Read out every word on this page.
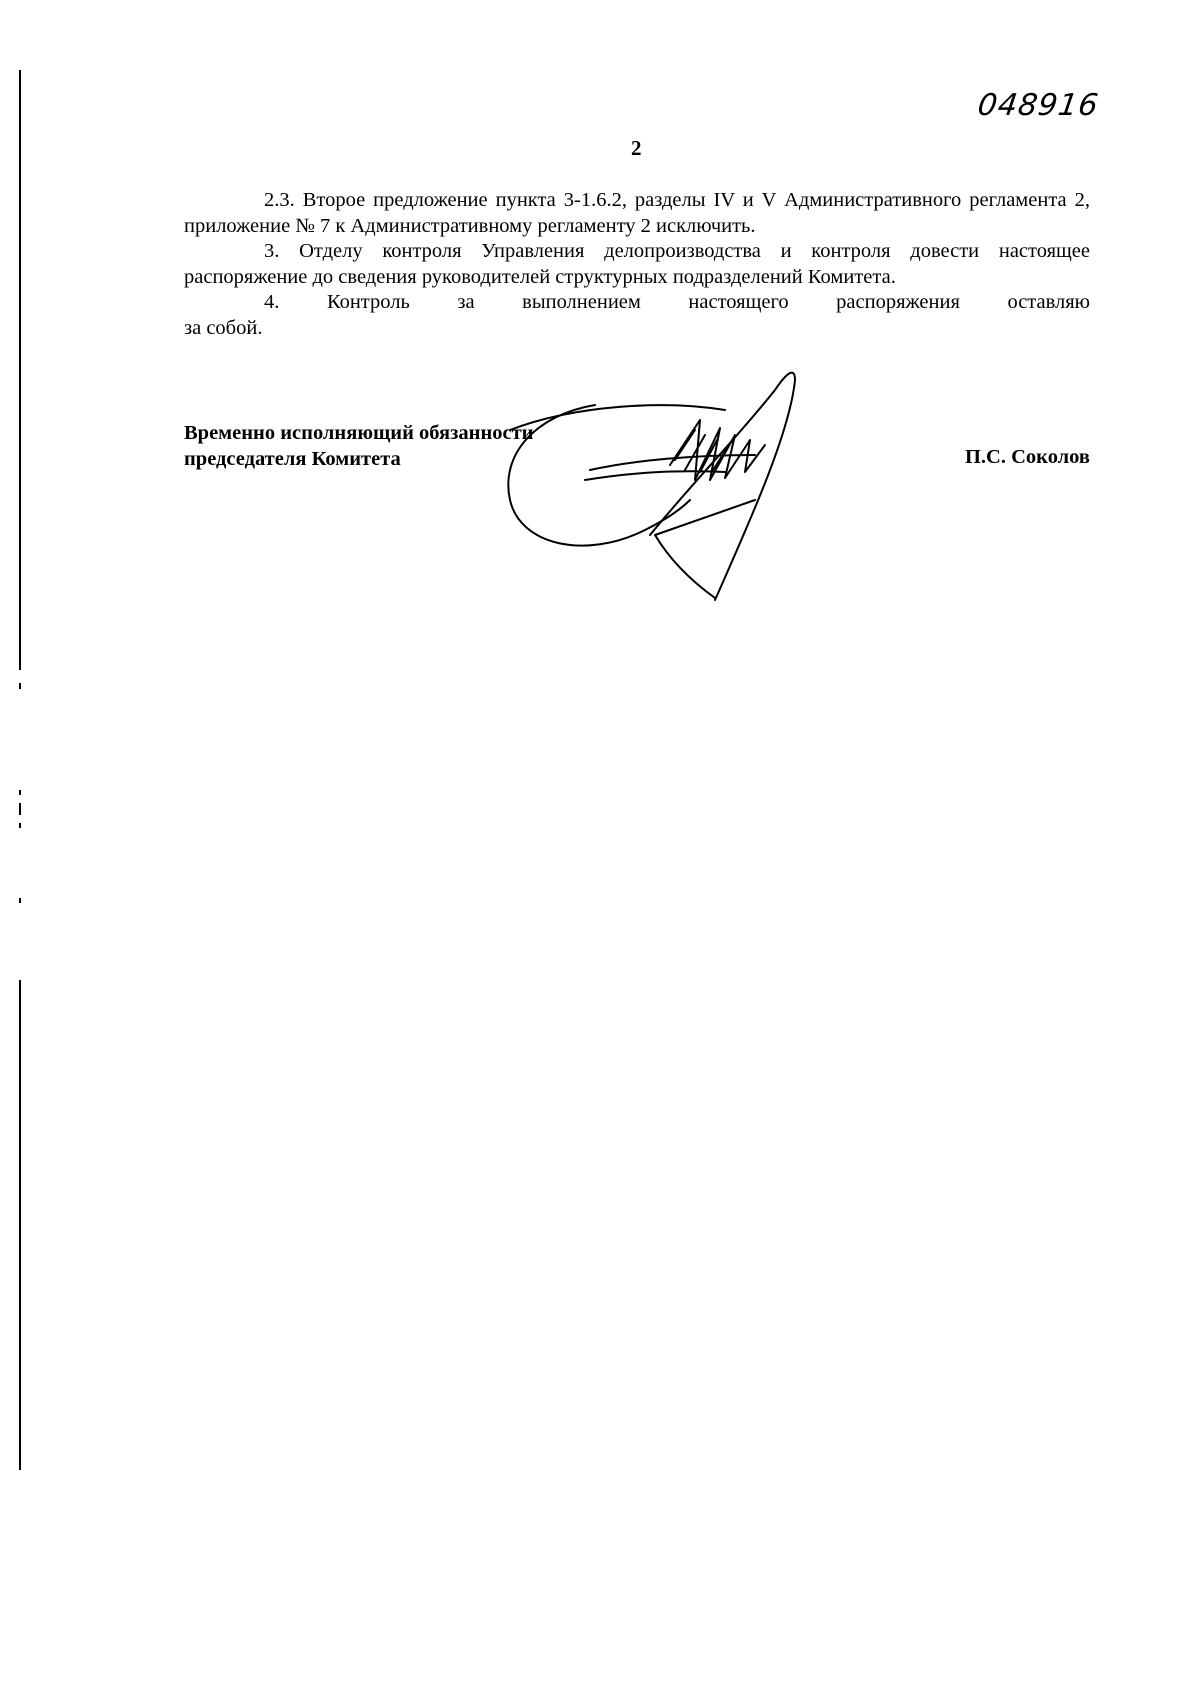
048916
2

2.3. Второе предложение пункта 3-1.6.2, разделы IV и V Административного регламента 2, приложение № 7 к Административному регламенту 2 исключить.

3. Отделу контроля Управления делопроизводства и контроля довести настоящее распоряжение до сведения руководителей структурных подразделений Комитета.

4. Контроль за выполнением настоящего распоряжения оставляю

за собой.

Временно исполняющий обязанности
председателя Комитета	П.С. Соколов
